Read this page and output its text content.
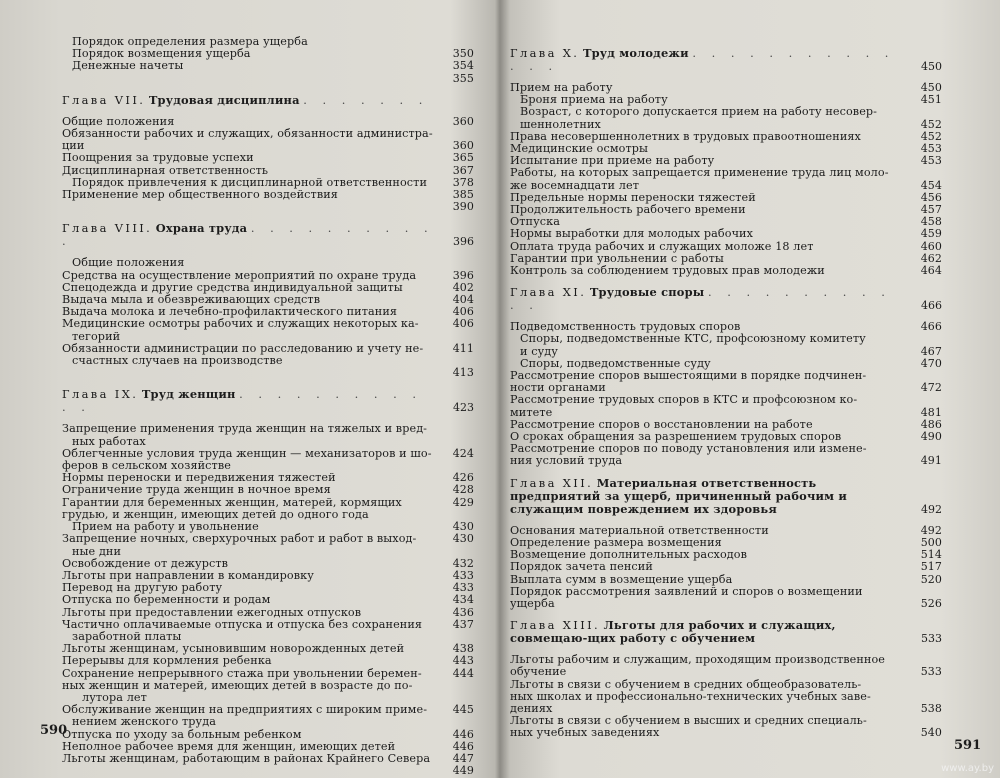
Порядок определения размера ущерба
Порядок возмещения ущерба	350
Денежные начеты	354
355
Глава VII. Трудовая дисциплина . . . . . . .
Общие положения	360
Обязанности рабочих и служащих, обязанности администра-
ции	360
Поощрения за трудовые успехи	365
Дисциплинарная ответственность	367
Порядок привлечения к дисциплинарной ответственности	378
Применение мер общественного воздействия	385
390
Глава VIII. Охрана труда . . . . . . . . . . .	396
Общие положения
Средства на осуществление мероприятий по охране труда	396
Спецодежда и другие средства индивидуальной защиты	402
Выдача мыла и обезвреживающих средств	404
Выдача молока и лечебно-профилактического питания	406
Медицинские осмотры рабочих и служащих некоторых ка-	406
тегорий
Обязанности администрации по расследованию и учету не-	411
счастных случаев на производстве
413
Глава IX. Труд женщин . . . . . . . . . . . .	423
Запрещение применения труда женщин на тяжелых и вред-
ных работах
Облегченные условия труда женщин — механизаторов и шо-	424
феров в сельском хозяйстве
Нормы переноски и передвижения тяжестей	426
Ограничение труда женщин в ночное время	428
Гарантии для беременных женщин, матерей, кормящих	429
грудью, и женщин, имеющих детей до одного года
Прием на работу и увольнение	430
Запрещение ночных, сверхурочных работ и работ в выход-	430
ные дни
Освобождение от дежурств	432
Льготы при направлении в командировку	433
Перевод на другую работу	433
Отпуска по беременности и родам	434
Льготы при предоставлении ежегодных отпусков	436
Частично оплачиваемые отпуска и отпуска без сохранения	437
заработной платы
Льготы женщинам, усыновившим новорожденных детей	438
Перерывы для кормления ребенка	443
Сохранение непрерывного стажа при увольнении беремен-	444
ных женщин и матерей, имеющих детей в возрасте до по-
лутора лет
Обслуживание женщин на предприятиях с широким приме-	445
нением женского труда
Отпуска по уходу за больным ребенком	446
Неполное рабочее время для женщин, имеющих детей	446
Льготы женщинам, работающим в районах Крайнего Севера	447
449
590
Глава X. Труд молодежи . . . . . . . . . . . . . .	450
Прием на работу	450
Броня приема на работу	451
Возраст, с которого допускается прием на работу несовер-
шеннолетних	452
Права несовершеннолетних в трудовых правоотношениях	452
Медицинские осмотры	453
Испытание при приеме на работу	453
Работы, на которых запрещается применение труда лиц моло-
же восемнадцати лет	454
Предельные нормы переноски тяжестей	456
Продолжительность рабочего времени	457
Отпуска	458
Нормы выработки для молодых рабочих	459
Оплата труда рабочих и служащих моложе 18 лет	460
Гарантии при увольнении с работы	462
Контроль за соблюдением трудовых прав молодежи	464
Глава XI. Трудовые споры . . . . . . . . . . . .	466
Подведомственность трудовых споров	466
Споры, подведомственные КТС, профсоюзному комитету
и суду	467
Споры, подведомственные суду	470
Рассмотрение споров вышестоящими в порядке подчинен-
ности органами	472
Рассмотрение трудовых споров в КТС и профсоюзном ко-
митете	481
Рассмотрение споров о восстановлении на работе	486
О сроках обращения за разрешением трудовых споров	490
Рассмотрение споров по поводу установления или измене-
ния условий труда	491
Глава XII. Материальная ответственность предприятий за ущерб, причиненный рабочим и служащим повреждением их здоровья	492
Основания материальной ответственности	492
Определение размера возмещения	500
Возмещение дополнительных расходов	514
Порядок зачета пенсий	517
Выплата сумм в возмещение ущерба	520
Порядок рассмотрения заявлений и споров о возмещении
ущерба	526
Глава XIII. Льготы для рабочих и служащих, совмещаю-щих работу с обучением	533
Льготы рабочим и служащим, проходящим производственное
обучение	533
Льготы в связи с обучением в средних общеобразователь-
ных школах и профессионально-технических учебных заве-
дениях	538
Льготы в связи с обучением в высших и средних специаль-
ных учебных заведениях	540
591
www.ay.by
